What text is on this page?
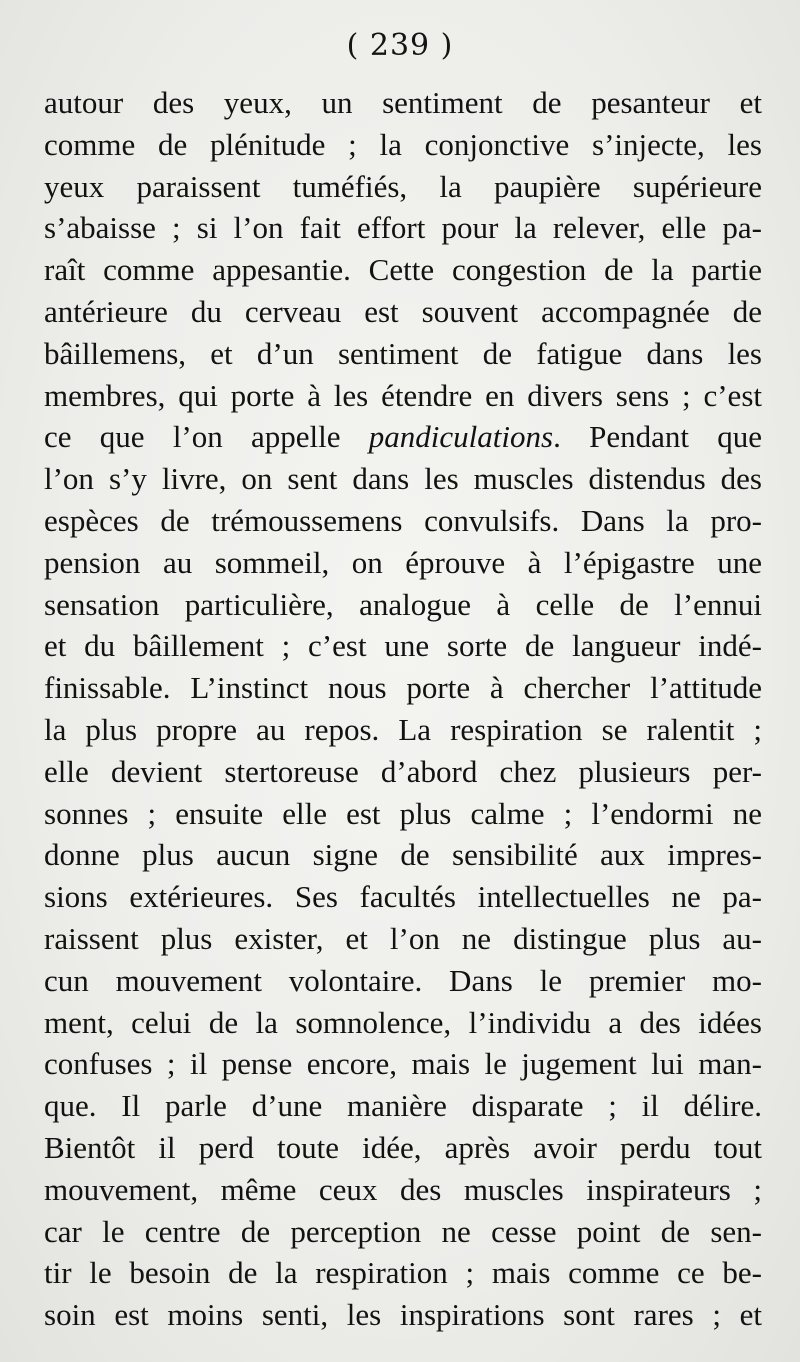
( 239 )
autour des yeux, un sentiment de pesanteur et
comme de plénitude ; la conjonctive s’injecte, les
yeux paraissent tuméfiés, la paupière supérieure
s’abaisse ; si l’on fait effort pour la relever, elle pa-
raît comme appesantie. Cette congestion de la partie
antérieure du cerveau est souvent accompagnée de
bâillemens, et d’un sentiment de fatigue dans les
membres, qui porte à les étendre en divers sens ; c’est
ce que l’on appelle pandiculations. Pendant que
l’on s’y livre, on sent dans les muscles distendus des
espèces de trémoussemens convulsifs. Dans la pro-
pension au sommeil, on éprouve à l’épigastre une
sensation particulière, analogue à celle de l’ennui
et du bâillement ; c’est une sorte de langueur indé-
finissable. L’instinct nous porte à chercher l’attitude
la plus propre au repos. La respiration se ralentit ;
elle devient stertoreuse d’abord chez plusieurs per-
sonnes ; ensuite elle est plus calme ; l’endormi ne
donne plus aucun signe de sensibilité aux impres-
sions extérieures. Ses facultés intellectuelles ne pa-
raissent plus exister, et l’on ne distingue plus au-
cun mouvement volontaire. Dans le premier mo-
ment, celui de la somnolence, l’individu a des idées
confuses ; il pense encore, mais le jugement lui man-
que. Il parle d’une manière disparate ; il délire.
Bientôt il perd toute idée, après avoir perdu tout
mouvement, même ceux des muscles inspirateurs ;
car le centre de perception ne cesse point de sen-
tir le besoin de la respiration ; mais comme ce be-
soin est moins senti, les inspirations sont rares ; et
